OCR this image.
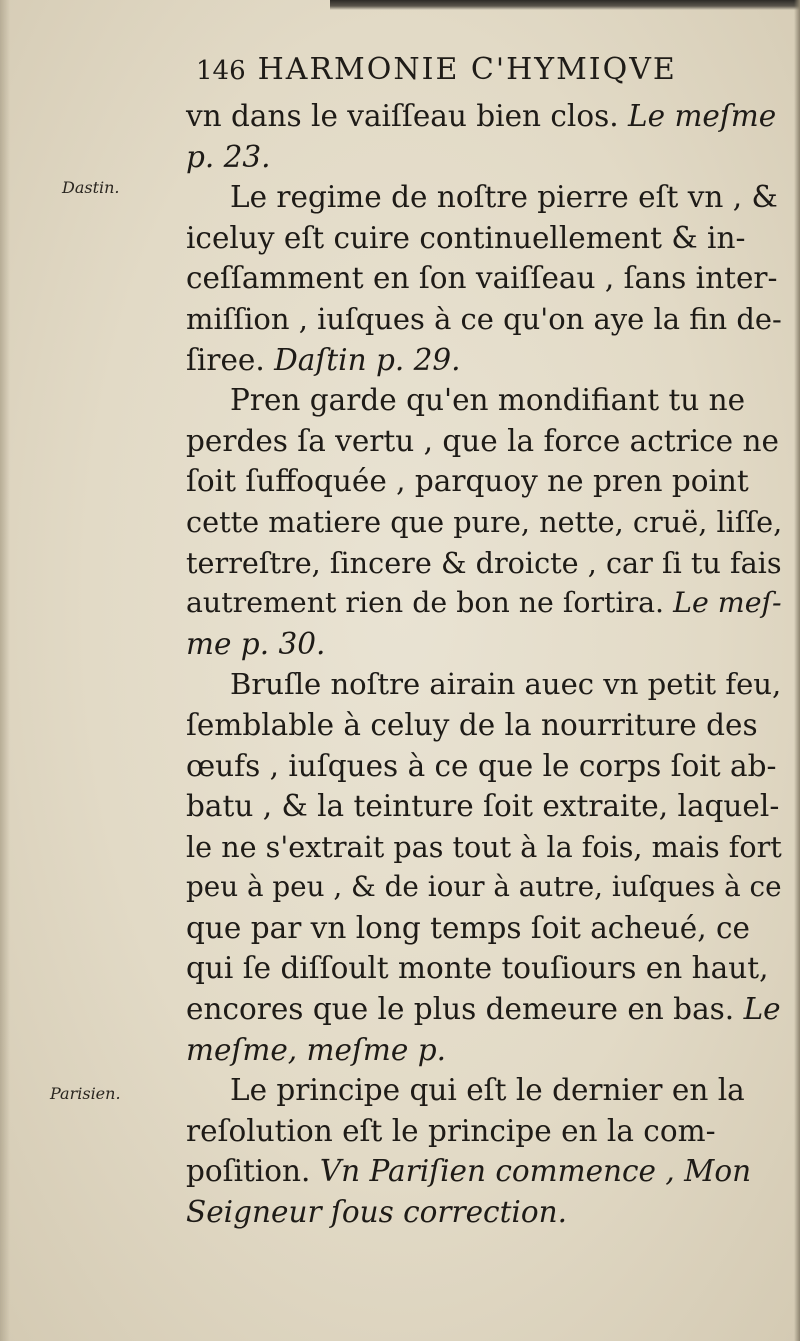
146 HARMONIE C'HYMIQVE
Dastin.
Parisien.
vn dans le vaiſſeau bien clos. Le meſme
p. 23.
Le regime de noſtre pierre eſt vn , &
iceluy eſt cuire continuellement & in-
ceſſamment en ſon vaiſſeau , ſans inter-
miſſion , iuſques à ce qu'on aye la fin de-
ſiree. Daſtin p. 29.
Pren garde qu'en mondifiant tu ne
perdes ſa vertu , que la force actrice ne
ſoit ſuffoquée , parquoy ne pren point
cette matiere que pure, nette, cruë, liſſe,
terreſtre, ſincere & droicte , car ſi tu fais
autrement rien de bon ne ſortira. Le meſ-
me p. 30.
Bruſle noſtre airain auec vn petit feu,
ſemblable à celuy de la nourriture des
œufs , iuſques à ce que le corps ſoit ab-
batu , & la teinture ſoit extraite, laquel-
le ne s'extrait pas tout à la fois, mais fort
peu à peu , & de iour à autre, iuſques à ce
que par vn long temps ſoit acheué, ce
qui ſe diſſoult monte touſiours en haut,
encores que le plus demeure en bas. Le
meſme, meſme p.
Le principe qui eſt le dernier en la
reſolution eſt le principe en la com-
poſition. Vn Pariſien commence , Mon
Seigneur ſous correction.
